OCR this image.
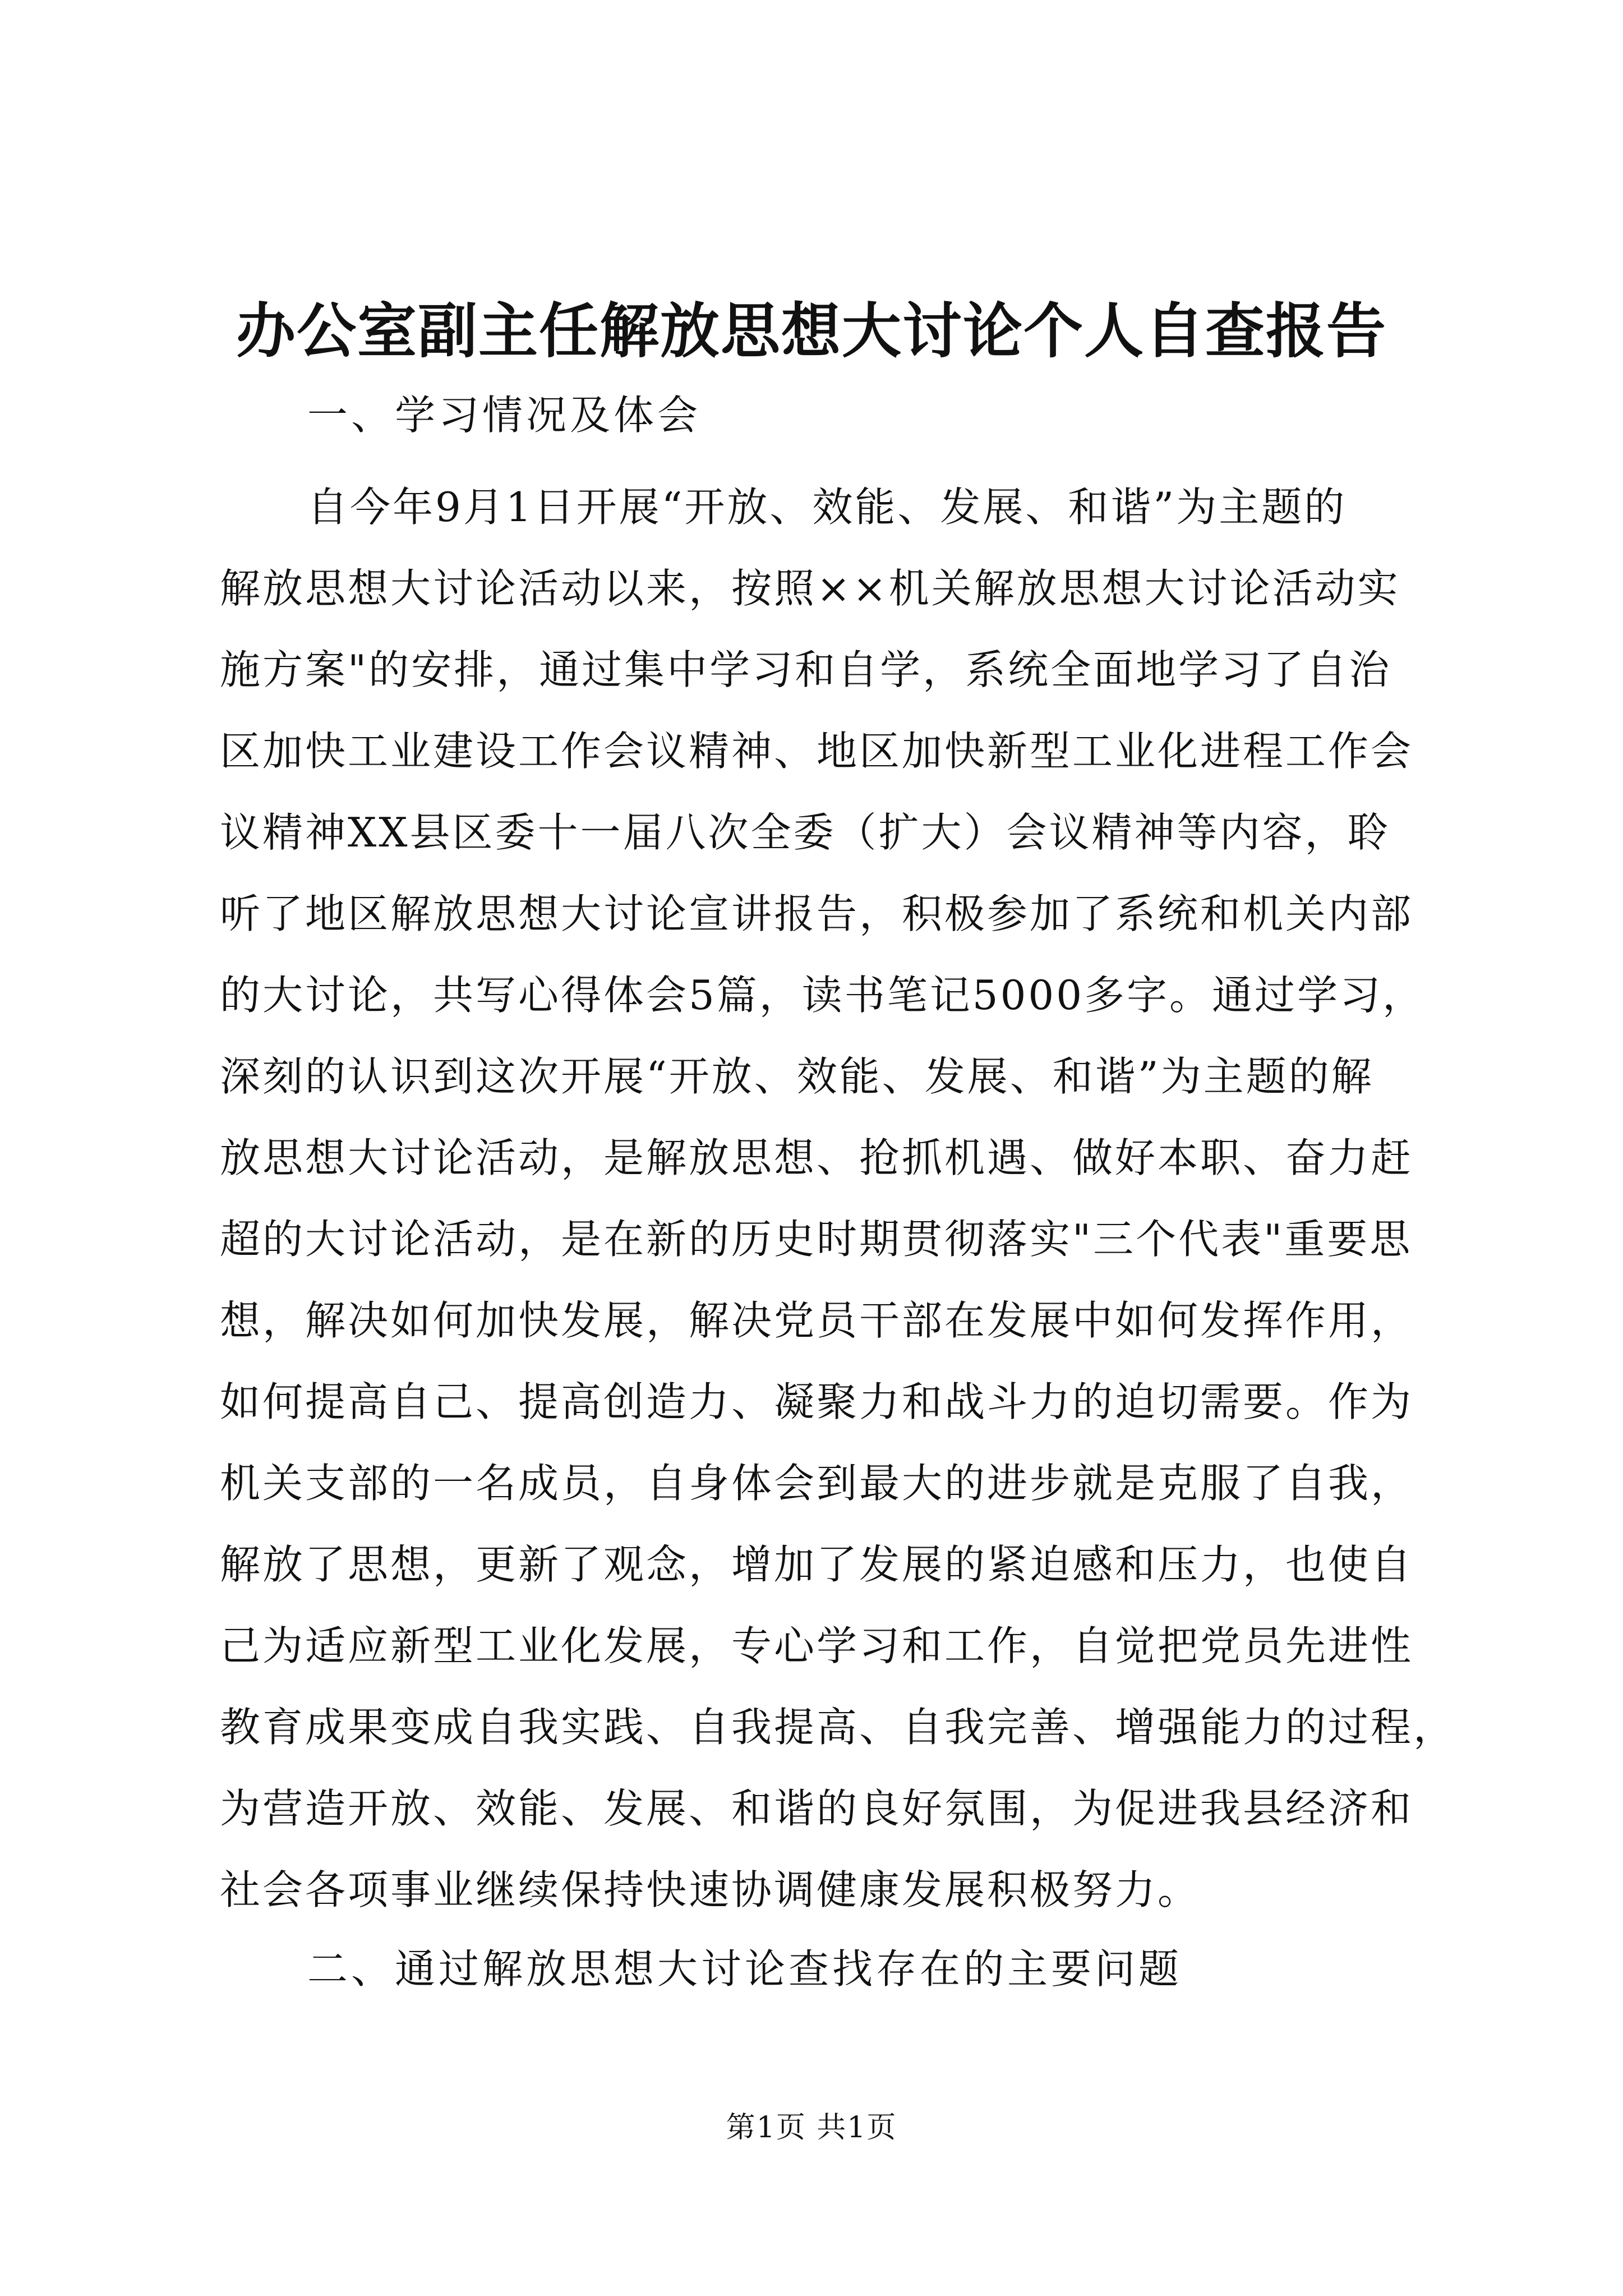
办公室副主任解放思想大讨论个人自查报告
一、学习情况及体会
自今年9月1日开展“开放、效能、发展、和谐”为主题的
解放思想大讨论活动以来，按照××机关解放思想大讨论活动实
施方案"的安排，通过集中学习和自学，系统全面地学习了自治
区加快工业建设工作会议精神、地区加快新型工业化进程工作会
议精神XX县区委十一届八次全委（扩大）会议精神等内容，聆
听了地区解放思想大讨论宣讲报告，积极参加了系统和机关内部
的大讨论，共写心得体会5篇，读书笔记5000多字。通过学习，
深刻的认识到这次开展“开放、效能、发展、和谐”为主题的解
放思想大讨论活动，是解放思想、抢抓机遇、做好本职、奋力赶
超的大讨论活动，是在新的历史时期贯彻落实"三个代表"重要思
想，解决如何加快发展，解决党员干部在发展中如何发挥作用，
如何提高自己、提高创造力、凝聚力和战斗力的迫切需要。作为
机关支部的一名成员，自身体会到最大的进步就是克服了自我，
解放了思想，更新了观念，增加了发展的紧迫感和压力，也使自
己为适应新型工业化发展，专心学习和工作，自觉把党员先进性
教育成果变成自我实践、自我提高、自我完善、增强能力的过程，
为营造开放、效能、发展、和谐的良好氛围，为促进我县经济和
社会各项事业继续保持快速协调健康发展积极努力。
二、通过解放思想大讨论查找存在的主要问题
第1页 共1页
